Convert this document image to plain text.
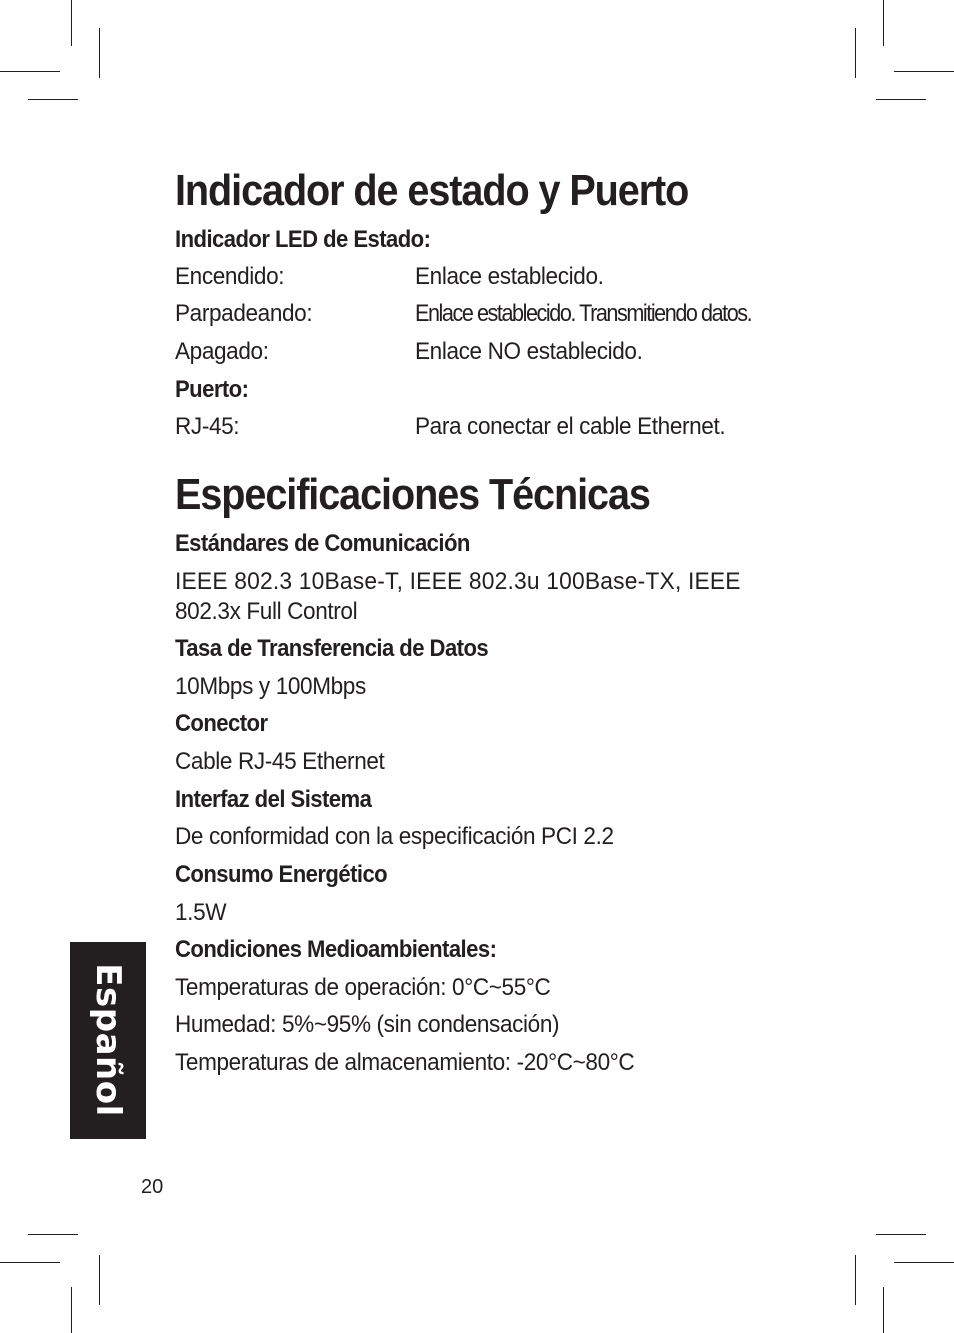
Indicador de estado y Puerto
Indicador LED de Estado:
Encendido:	Enlace establecido.
Parpadeando:	Enlace establecido. Transmitiendo datos.
Apagado:	Enlace NO establecido.
Puerto:
RJ-45:	Para conectar el cable Ethernet.
Especificaciones Técnicas
Estándares de Comunicación
IEEE 802.3 10Base-T, IEEE 802.3u 100Base-TX, IEEE
802.3x Full Control
Tasa de Transferencia de Datos
10Mbps y 100Mbps
Conector
Cable RJ-45 Ethernet
Interfaz del Sistema
De conformidad con la especificación PCI 2.2
Consumo Energético
1.5W
Condiciones Medioambientales:
Temperaturas de operación: 0°C~55°C
Humedad: 5%~95% (sin condensación)
Temperaturas de almacenamiento: -20°C~80°C
Español
20
